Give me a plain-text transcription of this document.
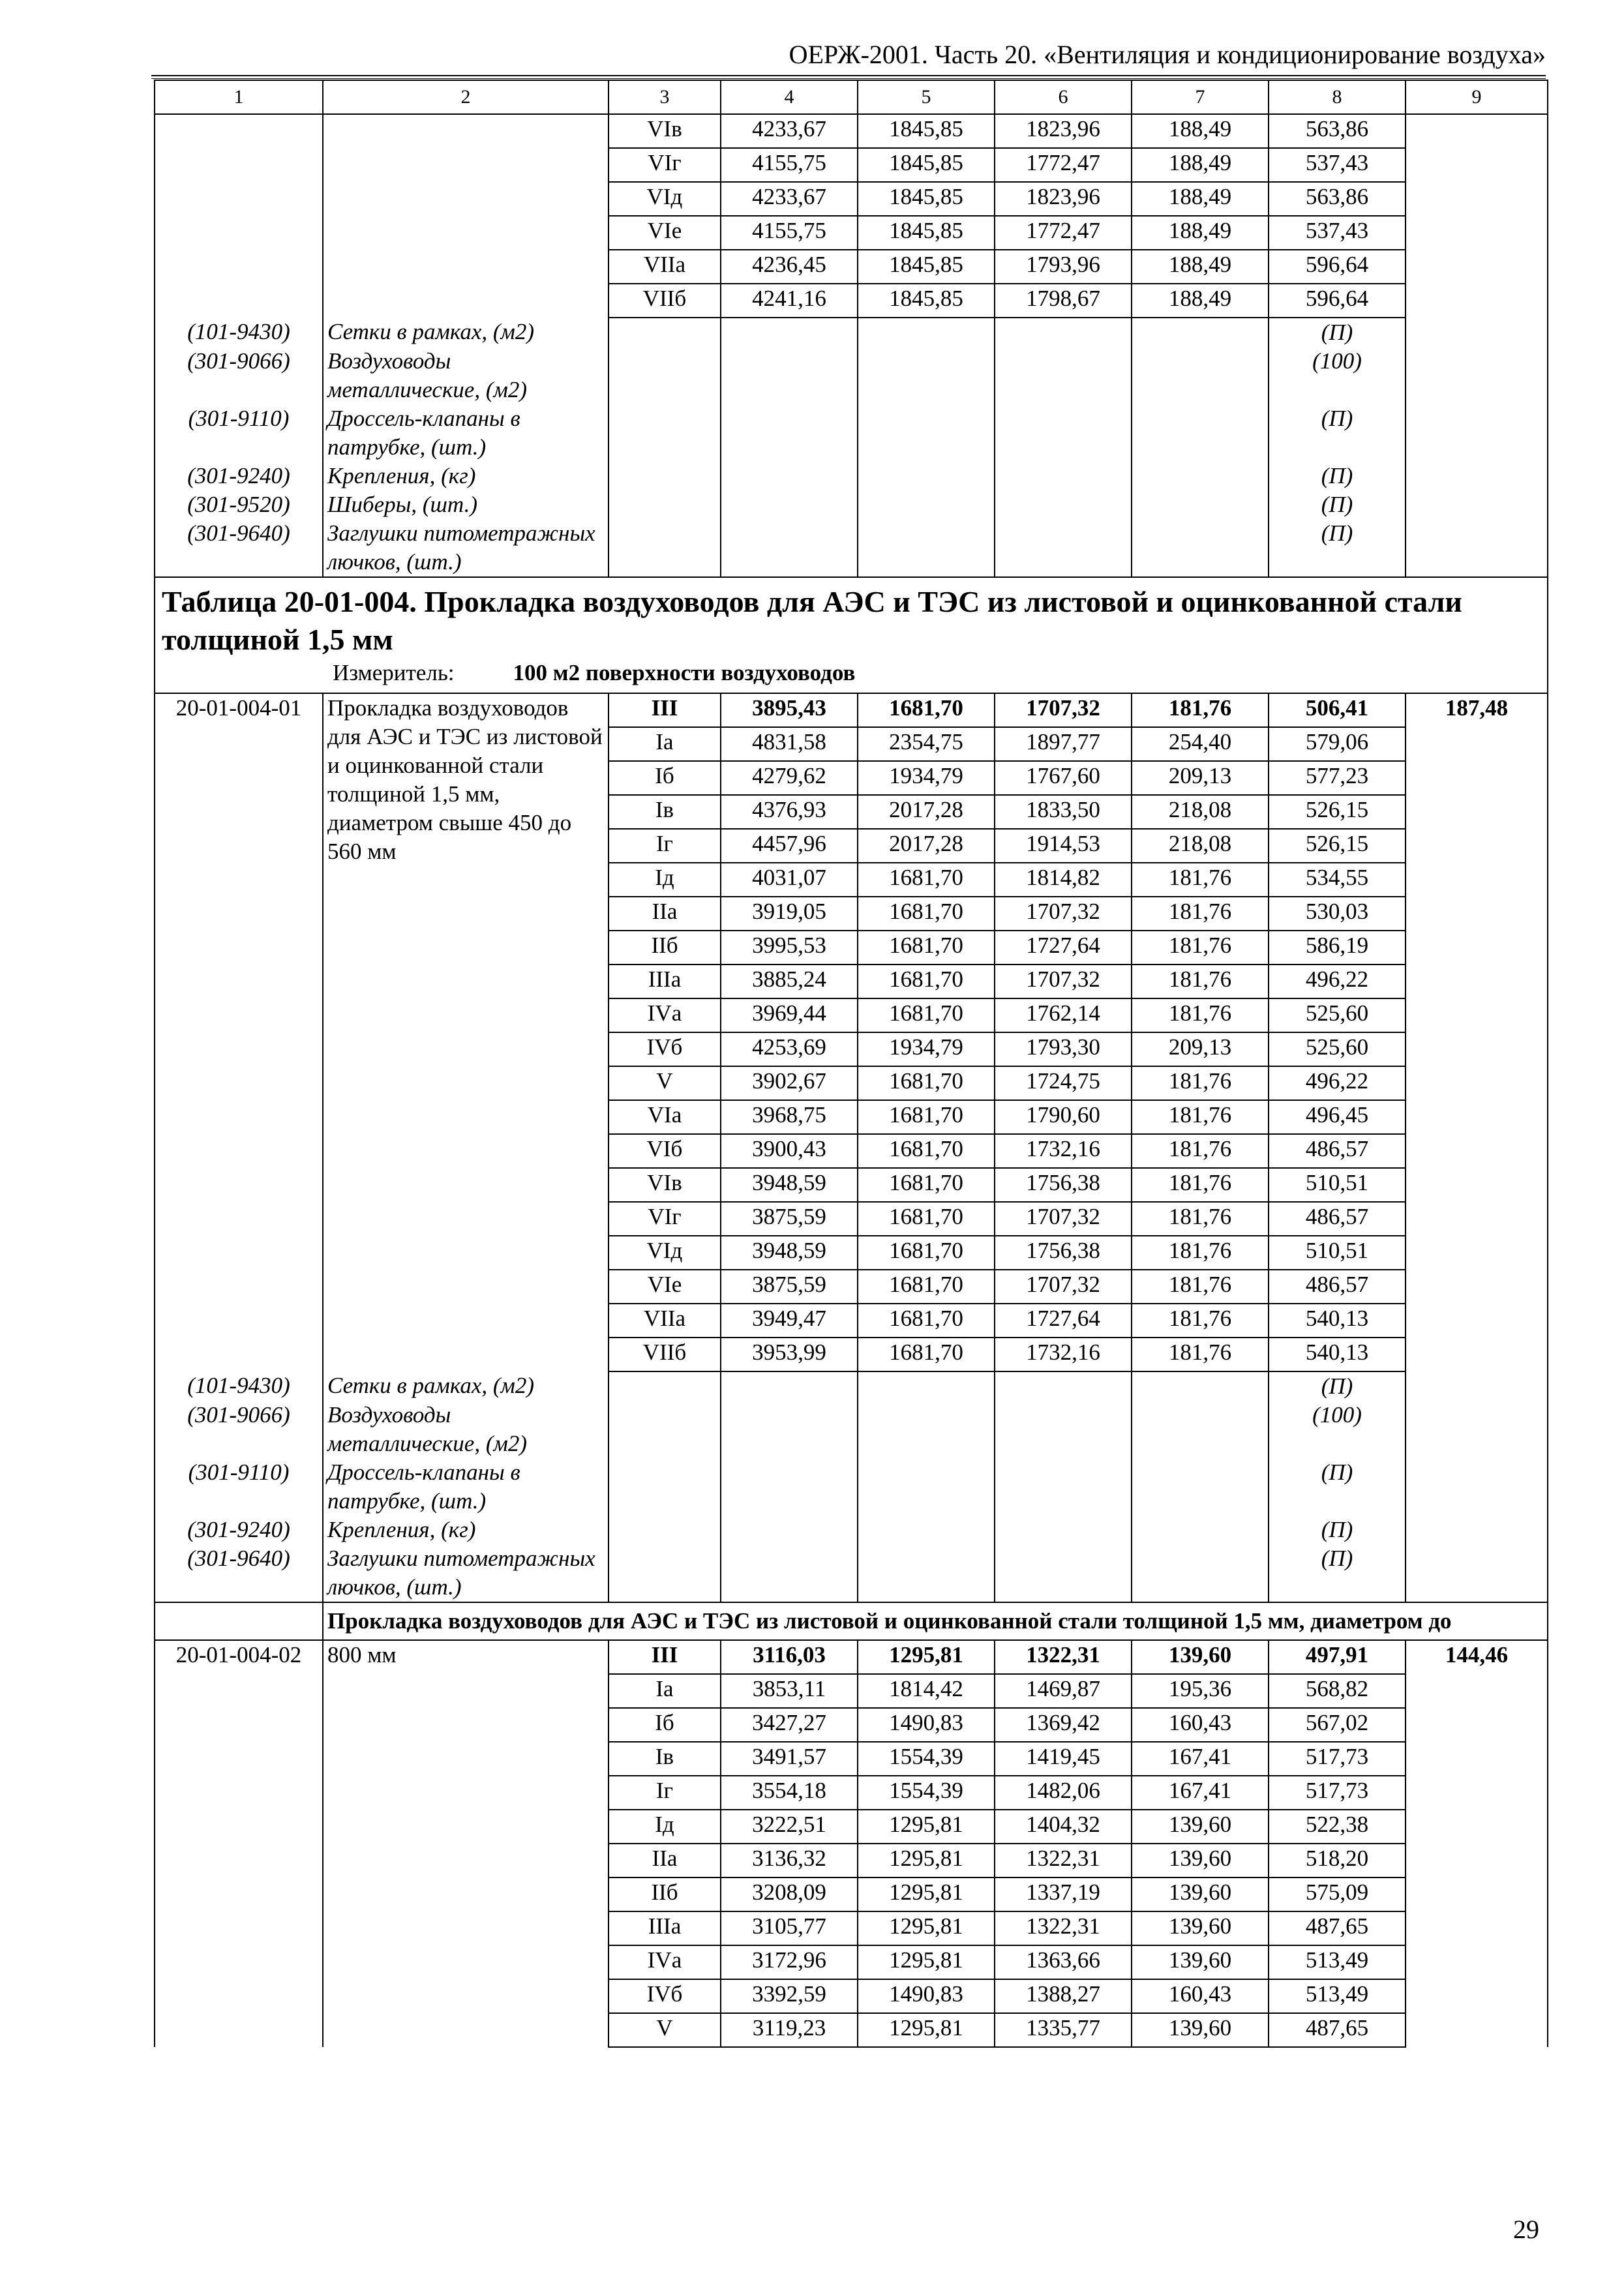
ОЕРЖ-2001. Часть 20. «Вентиляция и кондиционирование воздуха»
1	2	3	4	5	6	7	8	9
		VIв	4233,67	1845,85	1823,96	188,49	563,86	
		VIг	4155,75	1845,85	1772,47	188,49	537,43	
		VIд	4233,67	1845,85	1823,96	188,49	563,86	
		VIе	4155,75	1845,85	1772,47	188,49	537,43	
		VIIа	4236,45	1845,85	1793,96	188,49	596,64	
		VIIб	4241,16	1845,85	1798,67	188,49	596,64	
(101-9430)	Сетки в рамках, (м2)						(П)	
(301-9066)	Воздуховоды металлические, (м2)						(100)	
(301-9110)	Дроссель-клапаны в патрубке, (шт.)						(П)	
(301-9240)	Крепления, (кг)						(П)	
(301-9520)	Шиберы, (шт.)						(П)	
(301-9640)	Заглушки питометражных лючков, (шт.)						(П)	

Таблица 20-01-004. Прокладка воздуховодов для АЭС и ТЭС из листовой и оцинкованной стали толщиной 1,5 мм
Измеритель: 100 м2 поверхности воздуховодов								

20-01-004-01	Прокладка воздуховодов для АЭС и ТЭС из листовой и оцинкованной стали толщиной 1,5 мм, диаметром свыше 450 до 560 мм	III	3895,43	1681,70	1707,32	181,76	506,41	187,48
		Iа	4831,58	2354,75	1897,77	254,40	579,06	
		Iб	4279,62	1934,79	1767,60	209,13	577,23	
		Iв	4376,93	2017,28	1833,50	218,08	526,15	
		Iг	4457,96	2017,28	1914,53	218,08	526,15	
		Iд	4031,07	1681,70	1814,82	181,76	534,55	
		IIа	3919,05	1681,70	1707,32	181,76	530,03	
		IIб	3995,53	1681,70	1727,64	181,76	586,19	
		IIIа	3885,24	1681,70	1707,32	181,76	496,22	
		IVа	3969,44	1681,70	1762,14	181,76	525,60	
		IVб	4253,69	1934,79	1793,30	209,13	525,60	
		V	3902,67	1681,70	1724,75	181,76	496,22	
		VIа	3968,75	1681,70	1790,60	181,76	496,45	
		VIб	3900,43	1681,70	1732,16	181,76	486,57	
		VIв	3948,59	1681,70	1756,38	181,76	510,51	
		VIг	3875,59	1681,70	1707,32	181,76	486,57	
		VIд	3948,59	1681,70	1756,38	181,76	510,51	
		VIе	3875,59	1681,70	1707,32	181,76	486,57	
		VIIа	3949,47	1681,70	1727,64	181,76	540,13	
		VIIб	3953,99	1681,70	1732,16	181,76	540,13	
(101-9430)	Сетки в рамках, (м2)						(П)	
(301-9066)	Воздуховоды металлические, (м2)						(100)	
(301-9110)	Дроссель-клапаны в патрубке, (шт.)						(П)	
(301-9240)	Крепления, (кг)						(П)	
(301-9640)	Заглушки питометражных лючков, (шт.)						(П)	
	Прокладка воздуховодов для АЭС и ТЭС из листовой и оцинкованной стали толщиной 1,5 мм, диаметром до							
20-01-004-02	800 мм	III	3116,03	1295,81	1322,31	139,60	497,91	144,46
		Iа	3853,11	1814,42	1469,87	195,36	568,82	
		Iб	3427,27	1490,83	1369,42	160,43	567,02	
		Iв	3491,57	1554,39	1419,45	167,41	517,73	
		Iг	3554,18	1554,39	1482,06	167,41	517,73	
		Iд	3222,51	1295,81	1404,32	139,60	522,38	
		IIа	3136,32	1295,81	1322,31	139,60	518,20	
		IIб	3208,09	1295,81	1337,19	139,60	575,09	
		IIIа	3105,77	1295,81	1322,31	139,60	487,65	
		IVа	3172,96	1295,81	1363,66	139,60	513,49	
		IVб	3392,59	1490,83	1388,27	160,43	513,49	
		V	3119,23	1295,81	1335,77	139,60	487,65	
29
